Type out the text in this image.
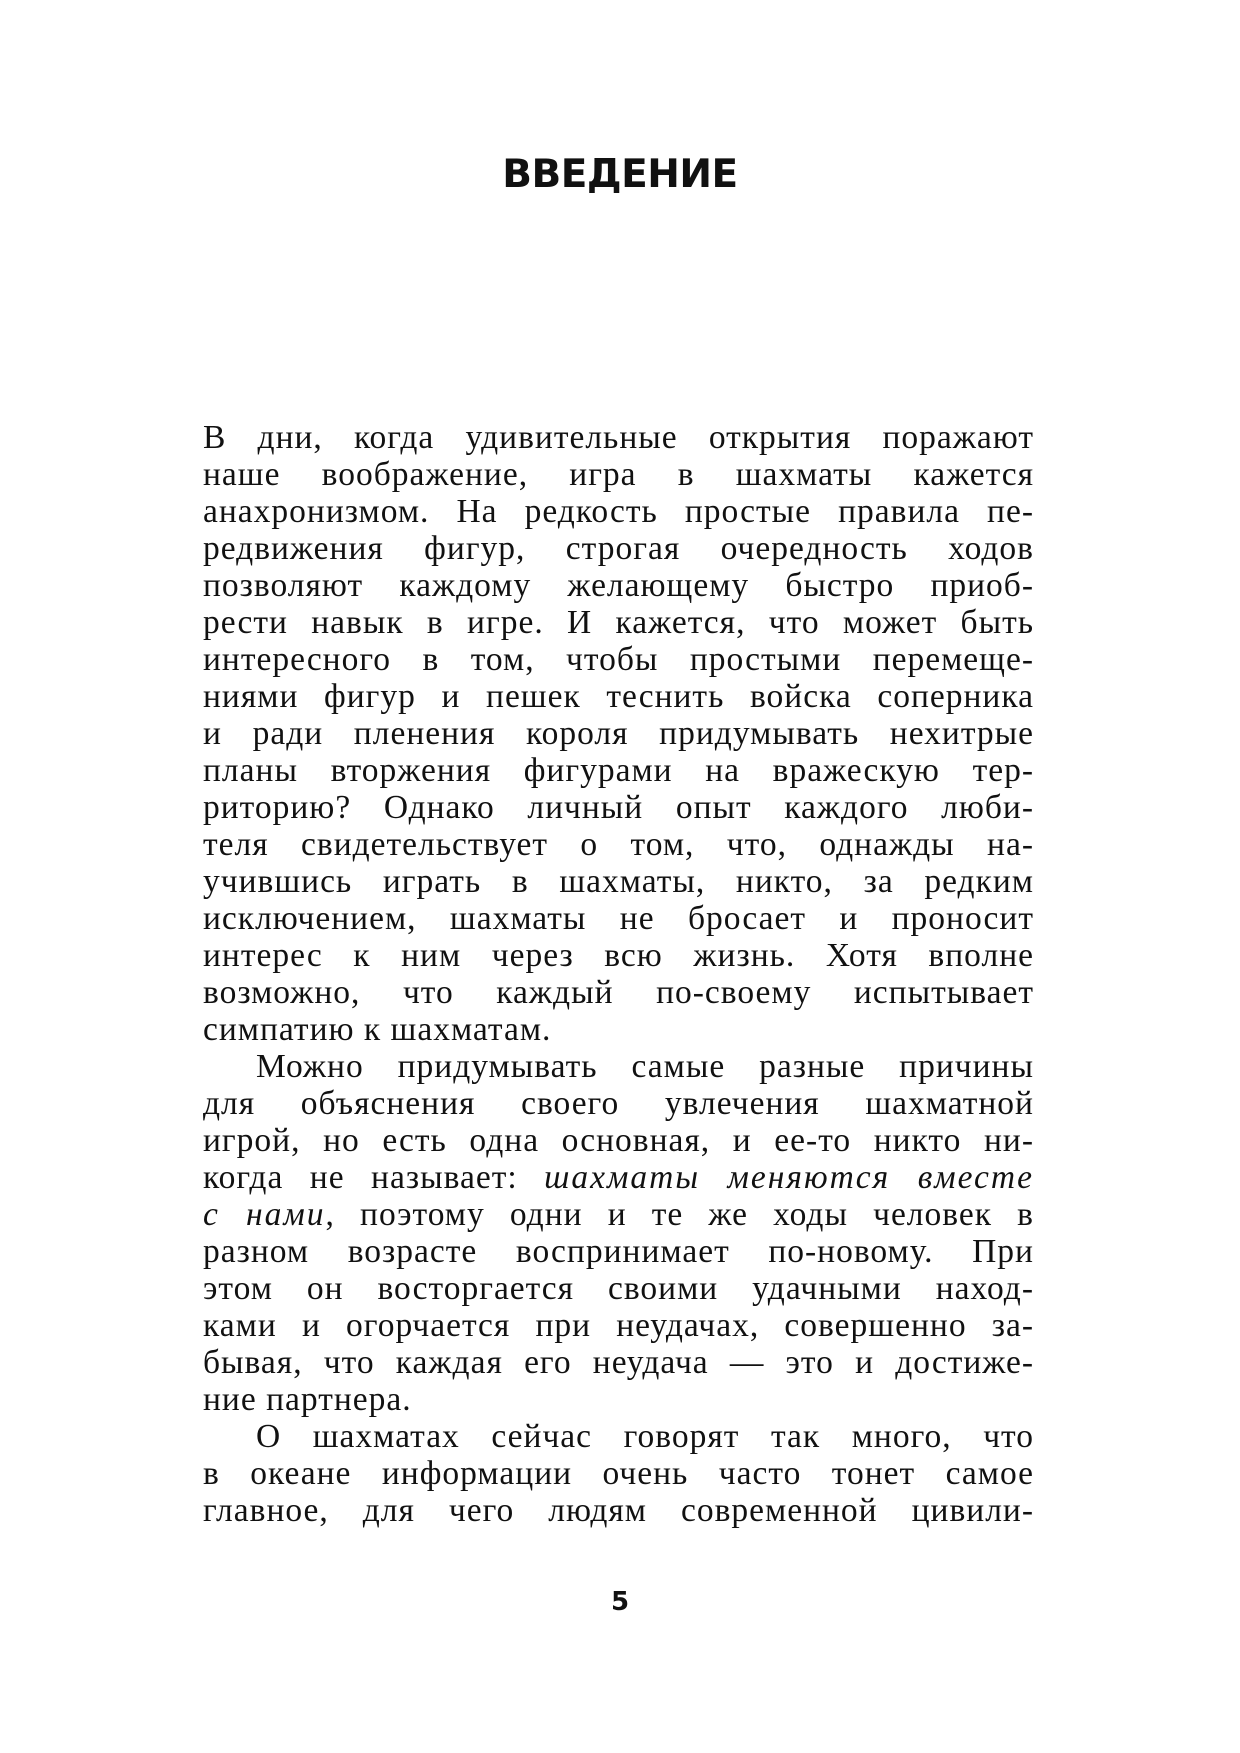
ВВЕДЕНИЕ
В дни, когда удивительные открытия поражают
наше воображение, игра в шахматы кажется
анахронизмом. На редкость простые правила пе-
редвижения фигур, строгая очередность ходов
позволяют каждому желающему быстро приоб-
рести навык в игре. И кажется, что может быть
интересного в том, чтобы простыми перемеще-
ниями фигур и пешек теснить войска соперника
и ради пленения короля придумывать нехитрые
планы вторжения фигурами на вражескую тер-
риторию? Однако личный опыт каждого люби-
теля свидетельствует о том, что, однажды на-
учившись играть в шахматы, никто, за редким
исключением, шахматы не бросает и проносит
интерес к ним через всю жизнь. Хотя вполне
возможно, что каждый по-своему испытывает
симпатию к шахматам.
Можно придумывать самые разные причины
для объяснения своего увлечения шахматной
игрой, но есть одна основная, и ее-то никто ни-
когда не называет: шахматы меняются вместе
с нами, поэтому одни и те же ходы человек в
разном возрасте воспринимает по-новому. При
этом он восторгается своими удачными наход-
ками и огорчается при неудачах, совершенно за-
бывая, что каждая его неудача — это и достиже-
ние партнера.
О шахматах сейчас говорят так много, что
в океане информации очень часто тонет самое
главное, для чего людям современной цивили-
5
